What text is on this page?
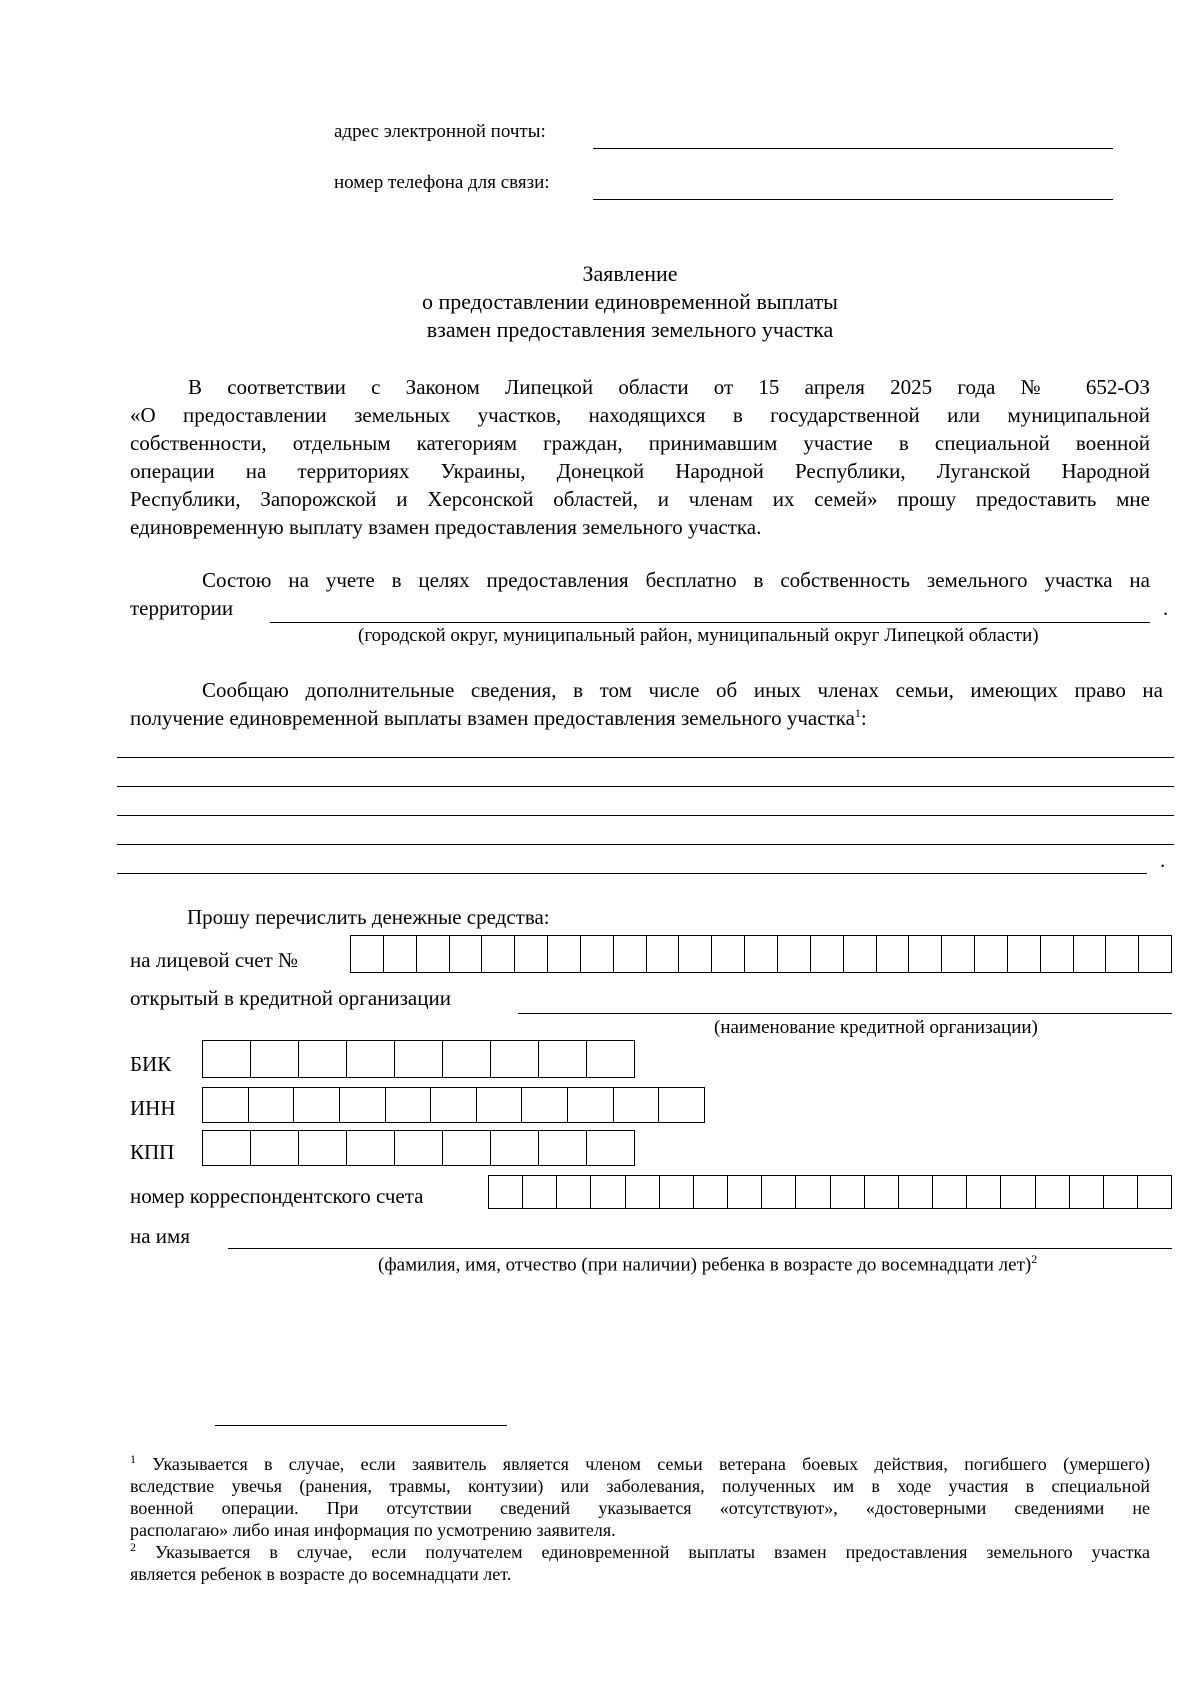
адрес электронной почты:
номер телефона для связи:
Заявление
о предоставлении единовременной выплаты
взамен предоставления земельного участка
В соответствии с Законом Липецкой области от 15 апреля 2025 года № 652-ОЗ
«О предоставлении земельных участков, находящихся в государственной или муниципальной
собственности, отдельным категориям граждан, принимавшим участие в специальной военной
операции на территориях Украины, Донецкой Народной Республики, Луганской Народной
Республики, Запорожской и Херсонской областей, и членам их семей» прошу предоставить мне
единовременную выплату взамен предоставления земельного участка.
Состою на учете в целях предоставления бесплатно в собственность земельного участка на
территории	.
(городской округ, муниципальный район, муниципальный округ Липецкой области)
Сообщаю дополнительные сведения, в том числе об иных членах семьи, имеющих право на
получение единовременной выплаты взамен предоставления земельного участка$^1$:
.
Прошу перечислить денежные средства:
на лицевой счет №
открытый в кредитной организации
(наименование кредитной организации)
БИК
ИНН
КПП
номер корреспондентского счета
на имя
(фамилия, имя, отчество (при наличии) ребенка в возрасте до восемнадцати лет)$^2$
$^1$ Указывается в случае, если заявитель является членом семьи ветерана боевых действия, погибшего (умершего)
вследствие увечья (ранения, травмы, контузии) или заболевания, полученных им в ходе участия в специальной
военной операции. При отсутствии сведений указывается «отсутствуют», «достоверными сведениями не
располагаю» либо иная информация по усмотрению заявителя.
$^2$ Указывается в случае, если получателем единовременной выплаты взамен предоставления земельного участка
является ребенок в возрасте до восемнадцати лет.
